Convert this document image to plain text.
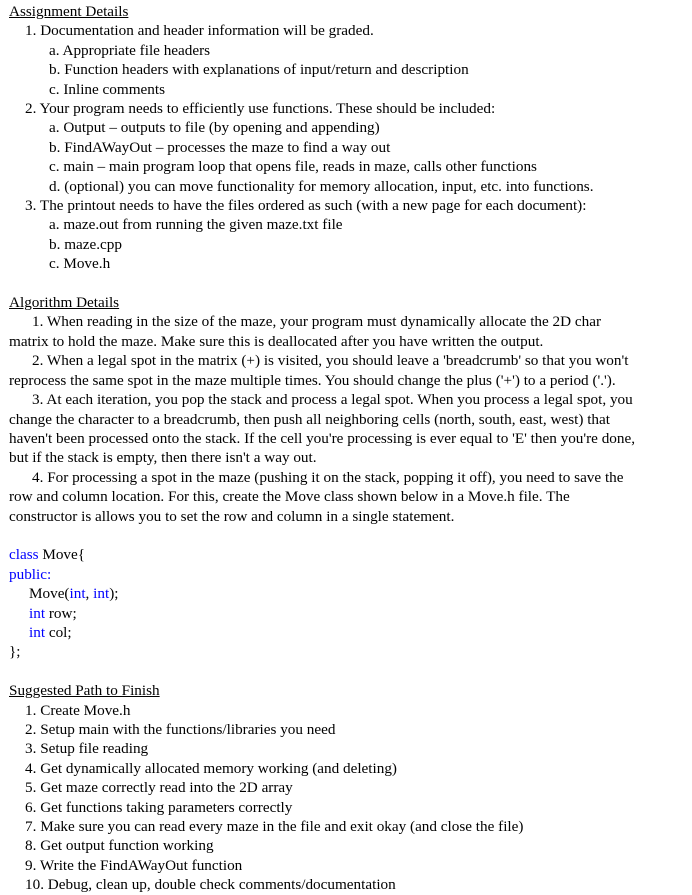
Assignment Details

1. Documentation and header information will be graded.

a. Appropriate file headers

b. Function headers with explanations of input/return and description

c. Inline comments

2. Your program needs to efficiently use functions. These should be included:

a. Output – outputs to file (by opening and appending)

b. FindAWayOut – processes the maze to find a way out

c. main – main program loop that opens file, reads in maze, calls other functions

d. (optional) you can move functionality for memory allocation, input, etc. into functions.

3. The printout needs to have the files ordered as such (with a new page for each document):

a. maze.out from running the given maze.txt file

b. maze.cpp

c. Move.h

Algorithm Details

1. When reading in the size of the maze, your program must dynamically allocate the 2D char

matrix to hold the maze. Make sure this is deallocated after you have written the output.

2. When a legal spot in the matrix (+) is visited, you should leave a 'breadcrumb' so that you won't

reprocess the same spot in the maze multiple times. You should change the plus ('+') to a period ('.').

3. At each iteration, you pop the stack and process a legal spot. When you process a legal spot, you

change the character to a breadcrumb, then push all neighboring cells (north, south, east, west) that

haven't been processed onto the stack. If the cell you're processing is ever equal to 'E' then you're done,

but if the stack is empty, then there isn't a way out.

4. For processing a spot in the maze (pushing it on the stack, popping it off), you need to save the

row and column location. For this, create the Move class shown below in a Move.h file. The

constructor is allows you to set the row and column in a single statement.

class Move{

public:

Move(int, int);

int row;

int col;

};

Suggested Path to Finish

1. Create Move.h

2. Setup main with the functions/libraries you need

3. Setup file reading

4. Get dynamically allocated memory working (and deleting)

5. Get maze correctly read into the 2D array

6. Get functions taking parameters correctly

7. Make sure you can read every maze in the file and exit okay (and close the file)

8. Get output function working

9. Write the FindAWayOut function

10. Debug, clean up, double check comments/documentation
